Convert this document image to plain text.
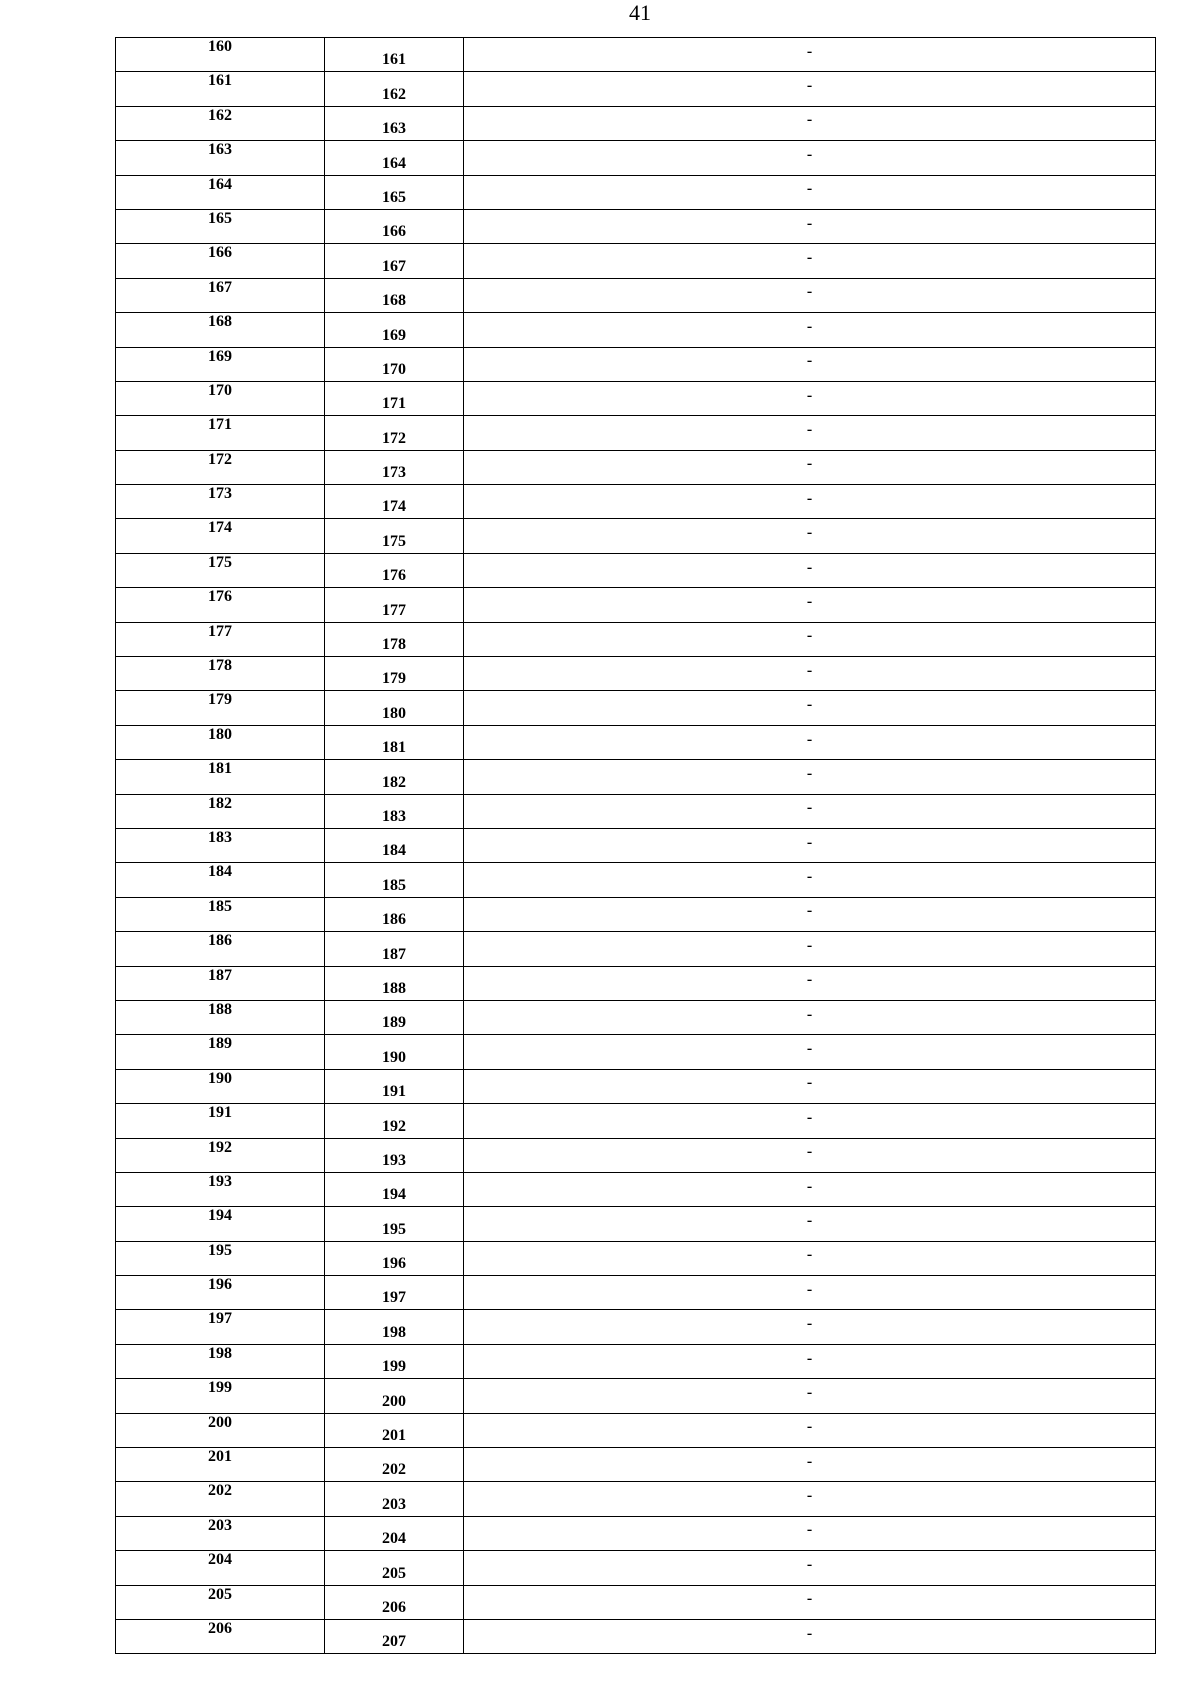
41
160	161	-
161	162	-
162	163	-
163	164	-
164	165	-
165	166	-
166	167	-
167	168	-
168	169	-
169	170	-
170	171	-
171	172	-
172	173	-
173	174	-
174	175	-
175	176	-
176	177	-
177	178	-
178	179	-
179	180	-
180	181	-
181	182	-
182	183	-
183	184	-
184	185	-
185	186	-
186	187	-
187	188	-
188	189	-
189	190	-
190	191	-
191	192	-
192	193	-
193	194	-
194	195	-
195	196	-
196	197	-
197	198	-
198	199	-
199	200	-
200	201	-
201	202	-
202	203	-
203	204	-
204	205	-
205	206	-
206	207	-
